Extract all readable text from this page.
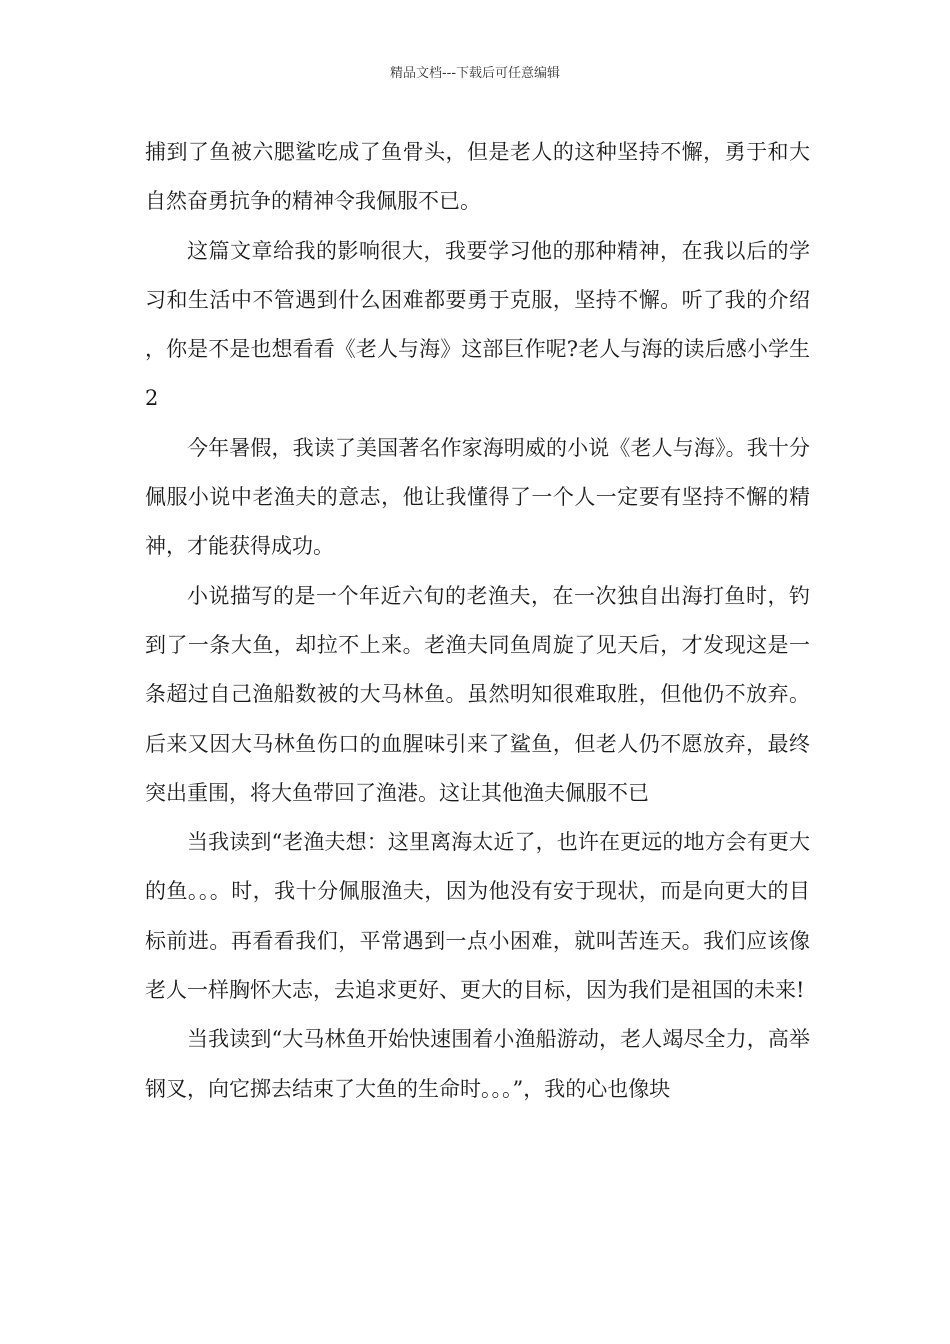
精品文档---下载后可任意编辑

捕到了鱼被六腮鲨吃成了鱼骨头，但是老人的这种坚持不懈，勇于和大自然奋勇抗争的精神令我佩服不已。

这篇文章给我的影响很大，我要学习他的那种精神，在我以后的学习和生活中不管遇到什么困难都要勇于克服，坚持不懈。听了我的介绍，你是不是也想看看《老人与海》这部巨作呢?老人与海的读后感小学生2

今年暑假，我读了美国著名作家海明威的小说《老人与海》。我十分佩服小说中老渔夫的意志，他让我懂得了一个人一定要有坚持不懈的精神，才能获得成功。

小说描写的是一个年近六旬的老渔夫，在一次独自出海打鱼时，钓到了一条大鱼，却拉不上来。老渔夫同鱼周旋了见天后，才发现这是一条超过自己渔船数被的大马林鱼。虽然明知很难取胜，但他仍不放弃。后来又因大马林鱼伤口的血腥味引来了鲨鱼，但老人仍不愿放弃，最终突出重围，将大鱼带回了渔港。这让其他渔夫佩服不已

当我读到“老渔夫想：这里离海太近了，也许在更远的地方会有更大的鱼。。。时，我十分佩服渔夫，因为他没有安于现状，而是向更大的目标前进。再看看我们，平常遇到一点小困难，就叫苦连天。我们应该像老人一样胸怀大志，去追求更好、更大的目标，因为我们是祖国的未来!

当我读到“大马林鱼开始快速围着小渔船游动，老人竭尽全力，高举钢叉，向它掷去结束了大鱼的生命时。。。”，我的心也像块
